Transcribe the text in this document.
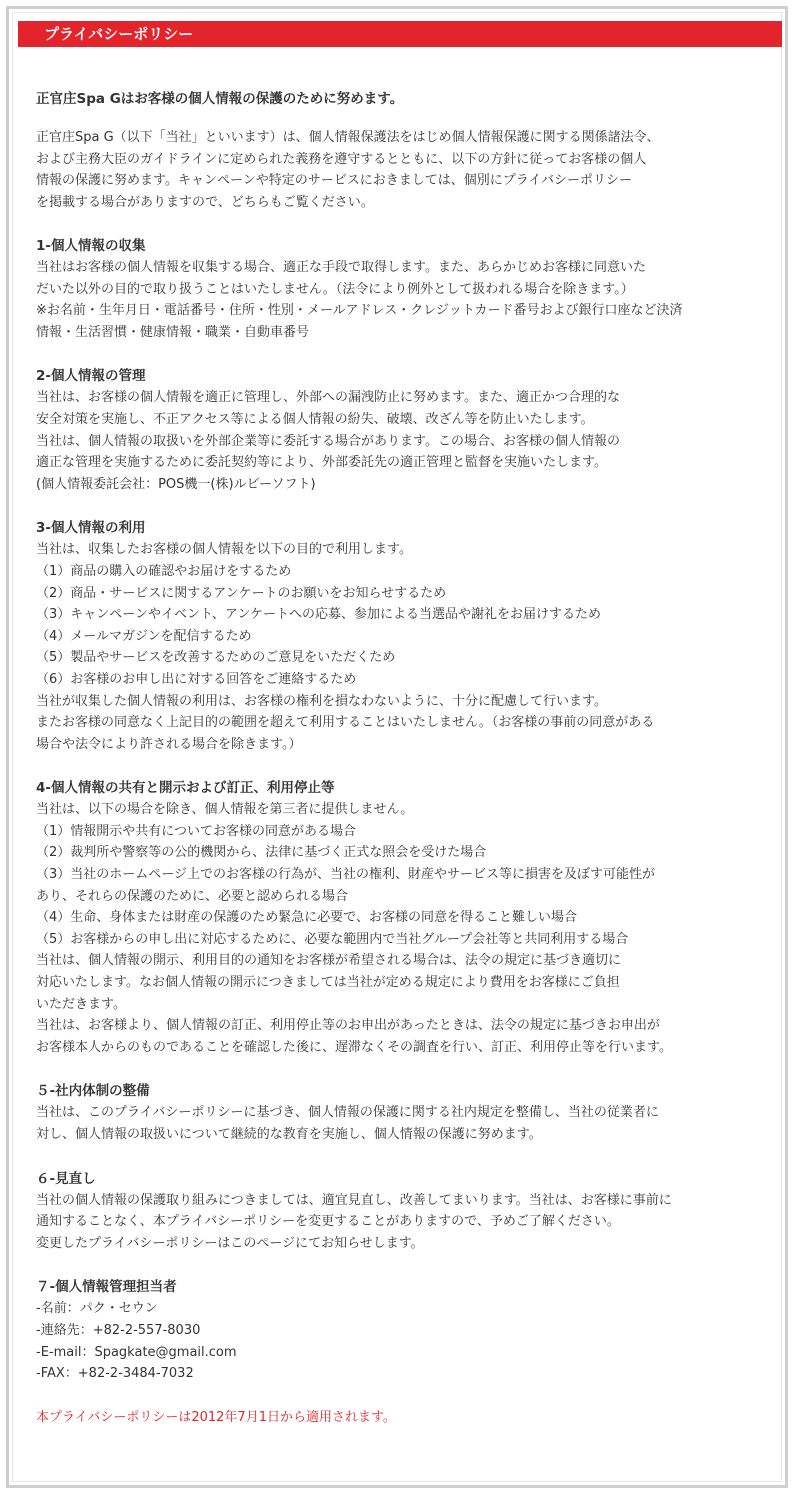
プライバシーポリシー

正官庄Spa Gはお客様の個人情報の保護のために努めます。

正官庄Spa G（以下「当社」といいます）は、個人情報保護法をはじめ個人情報保護に関する関係諸法令、
および主務大臣のガイドラインに定められた義務を遵守するとともに、以下の方針に従ってお客様の個人
情報の保護に努めます。キャンペーンや特定のサービスにおきましては、個別にプライバシーポリシー
を掲載する場合がありますので、どちらもご覧ください。

1-個人情報の収集

当社はお客様の個人情報を収集する場合、適正な手段で取得します。また、あらかじめお客様に同意いた
だいた以外の目的で取り扱うことはいたしません。（法令により例外として扱われる場合を除きます。）
※お名前・生年月日・電話番号・住所・性別・メールアドレス・クレジットカード番号および銀行口座など決済
情報・生活習慣・健康情報・職業・自動車番号

2-個人情報の管理

当社は、お客様の個人情報を適正に管理し、外部への漏洩防止に努めます。また、適正かつ合理的な
安全対策を実施し、不正アクセス等による個人情報の紛失、破壊、改ざん等を防止いたします。
当社は、個人情報の取扱いを外部企業等に委託する場合があります。この場合、お客様の個人情報の
適正な管理を実施するために委託契約等により、外部委託先の適正管理と監督を実施いたします。
(個人情報委託会社：POS機一(株)ルビーソフト)

3-個人情報の利用

当社は、収集したお客様の個人情報を以下の目的で利用します。
（1）商品の購入の確認やお届けをするため
（2）商品・サービスに関するアンケートのお願いをお知らせするため
（3）キャンペーンやイベント、アンケートへの応募、参加による当選品や謝礼をお届けするため
（4）メールマガジンを配信するため
（5）製品やサービスを改善するためのご意見をいただくため
（6）お客様のお申し出に対する回答をご連絡するため
当社が収集した個人情報の利用は、お客様の権利を損なわないように、十分に配慮して行います。
またお客様の同意なく上記目的の範囲を超えて利用することはいたしません。（お客様の事前の同意がある
場合や法令により許される場合を除きます。）

4-個人情報の共有と開示および訂正、利用停止等

当社は、以下の場合を除き、個人情報を第三者に提供しません。
（1）情報開示や共有についてお客様の同意がある場合
（2）裁判所や警察等の公的機関から、法律に基づく正式な照会を受けた場合
（3）当社のホームページ上でのお客様の行為が、当社の権利、財産やサービス等に損害を及ぼす可能性が
あり、それらの保護のために、必要と認められる場合
（4）生命、身体または財産の保護のため緊急に必要で、お客様の同意を得ること難しい場合
（5）お客様からの申し出に対応するために、必要な範囲内で当社グループ会社等と共同利用する場合
当社は、個人情報の開示、利用目的の通知をお客様が希望される場合は、法令の規定に基づき適切に
対応いたします。なお個人情報の開示につきましては当社が定める規定により費用をお客様にご負担
いただきます。
当社は、お客様より、個人情報の訂正、利用停止等のお申出があったときは、法令の規定に基づきお申出が
お客様本人からのものであることを確認した後に、遅滞なくその調査を行い、訂正、利用停止等を行います。

５-社内体制の整備

当社は、このプライバシーポリシーに基づき、個人情報の保護に関する社内規定を整備し、当社の従業者に
対し、個人情報の取扱いについて継続的な教育を実施し、個人情報の保護に努めます。

６-見直し

当社の個人情報の保護取り組みにつきましては、適宜見直し、改善してまいります。当社は、お客様に事前に
通知することなく、本プライバシーポリシーを変更することがありますので、予めご了解ください。
変更したプライバシーポリシーはこのページにてお知らせします。

７-個人情報管理担当者

-名前：パク・セウン
-連絡先：+82-2-557-8030
-E-mail：Spagkate@gmail.com
-FAX：+82-2-3484-7032

本プライバシーポリシーは2012年7月1日から適用されます。
